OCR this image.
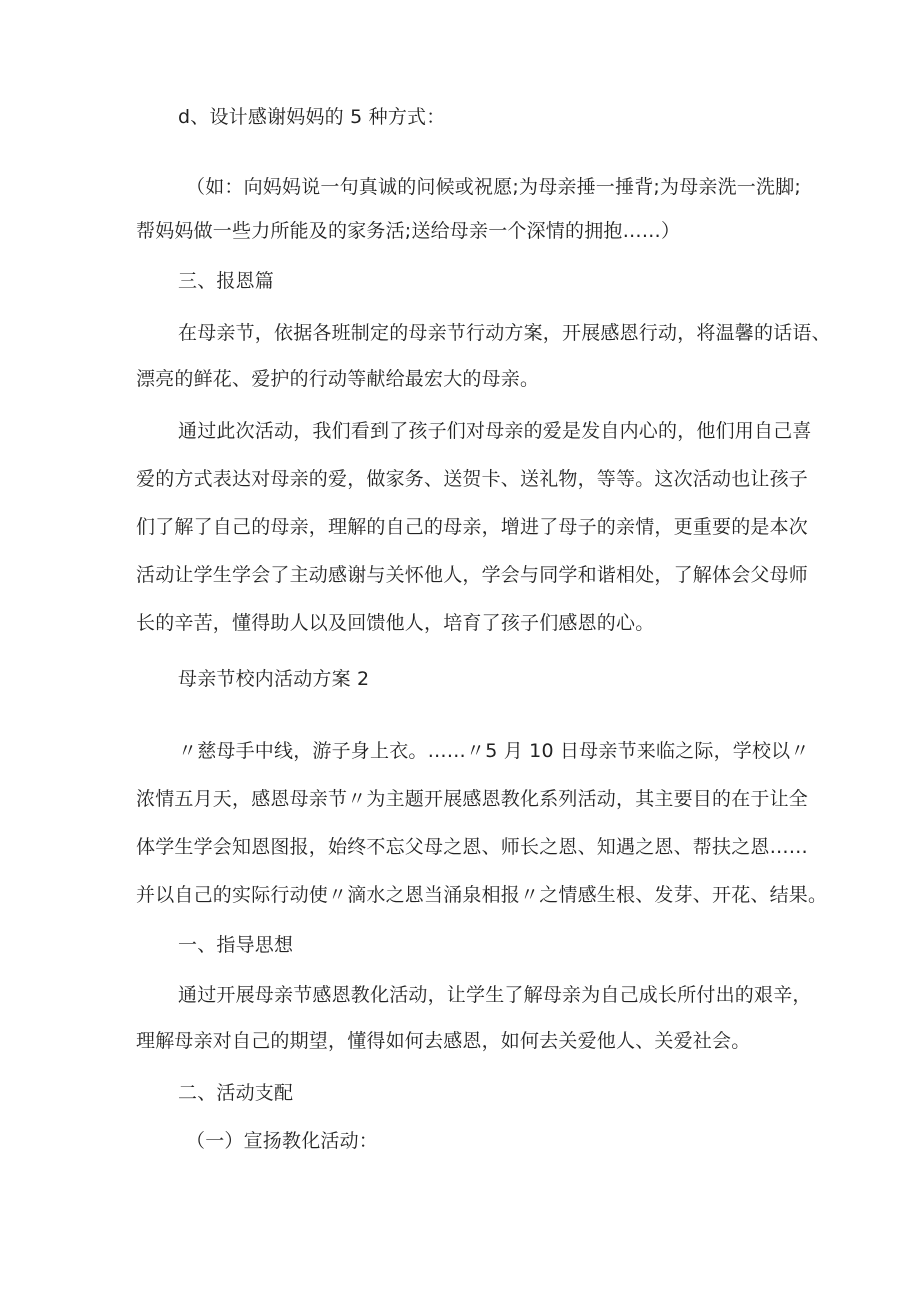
d、设计感谢妈妈的 5 种方式：
（如：向妈妈说一句真诚的问候或祝愿;为母亲捶一捶背;为母亲洗一洗脚;
帮妈妈做一些力所能及的家务活;送给母亲一个深情的拥抱……）
三、报恩篇
在母亲节，依据各班制定的母亲节行动方案，开展感恩行动，将温馨的话语、
漂亮的鲜花、爱护的行动等献给最宏大的母亲。
通过此次活动，我们看到了孩子们对母亲的爱是发自内心的，他们用自己喜
爱的方式表达对母亲的爱，做家务、送贺卡、送礼物，等等。这次活动也让孩子
们了解了自己的母亲，理解的自己的母亲，增进了母子的亲情，更重要的是本次
活动让学生学会了主动感谢与关怀他人，学会与同学和谐相处，了解体会父母师
长的辛苦，懂得助人以及回馈他人，培育了孩子们感恩的心。
母亲节校内活动方案 2
〃慈母手中线，游子身上衣。……〃5 月 10 日母亲节来临之际，学校以〃
浓情五月天，感恩母亲节〃为主题开展感恩教化系列活动，其主要目的在于让全
体学生学会知恩图报，始终不忘父母之恩、师长之恩、知遇之恩、帮扶之恩……
并以自己的实际行动使〃滴水之恩当涌泉相报〃之情感生根、发芽、开花、结果。
一、指导思想
通过开展母亲节感恩教化活动，让学生了解母亲为自己成长所付出的艰辛，
理解母亲对自己的期望，懂得如何去感恩，如何去关爱他人、关爱社会。
二、活动支配
（一）宣扬教化活动：
